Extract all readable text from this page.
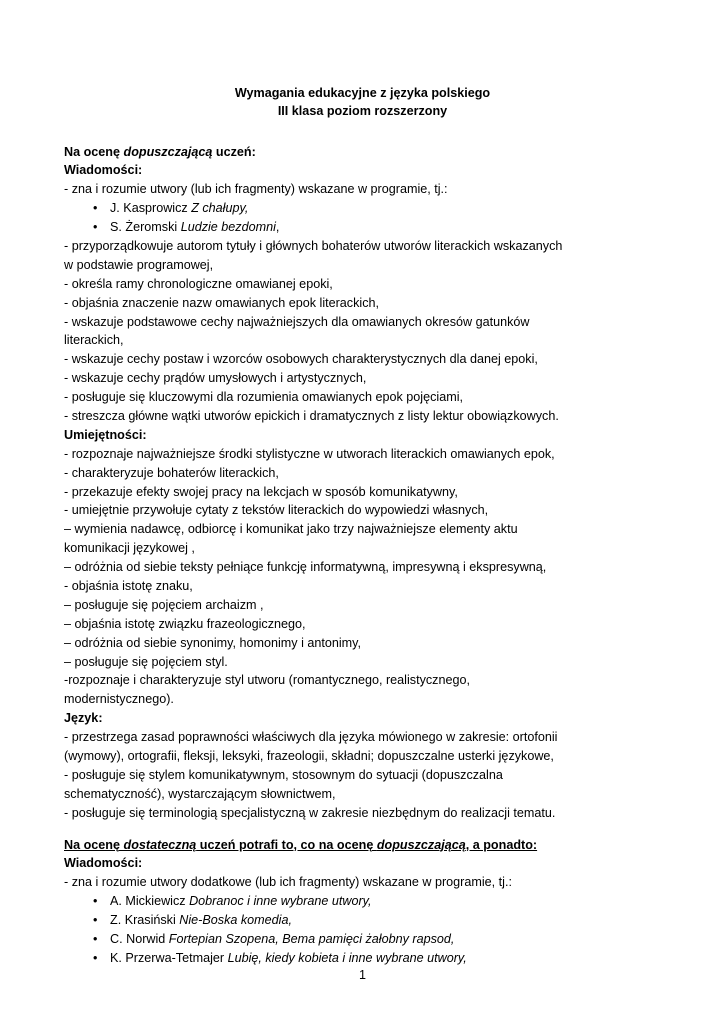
Wymagania edukacyjne z języka polskiego
III klasa poziom rozszerzony

Na ocenę dopuszczającą uczeń:

Wiadomości:

- zna i rozumie utwory (lub ich fragmenty) wskazane w programie, tj.:

• J. Kasprowicz Z chałupy,
• S. Żeromski Ludzie bezdomni,

- przyporządkowuje autorom tytuły i głównych bohaterów utworów literackich wskazanych

w podstawie programowej,

- określa ramy chronologiczne omawianej epoki,

- objaśnia znaczenie nazw omawianych epok literackich,

- wskazuje podstawowe cechy najważniejszych dla omawianych okresów gatunków

literackich,

- wskazuje cechy postaw i wzorców osobowych charakterystycznych dla danej epoki,

- wskazuje cechy prądów umysłowych i artystycznych,

- posługuje się kluczowymi dla rozumienia omawianych epok pojęciami,

- streszcza główne wątki utworów epickich i dramatycznych z listy lektur obowiązkowych.

Umiejętności:

- rozpoznaje najważniejsze środki stylistyczne w utworach literackich omawianych epok,

- charakteryzuje bohaterów literackich,

- przekazuje efekty swojej pracy na lekcjach w sposób komunikatywny,

- umiejętnie przywołuje cytaty z tekstów literackich do wypowiedzi własnych,

– wymienia nadawcę, odbiorcę i komunikat jako trzy najważniejsze elementy aktu

komunikacji językowej ,

– odróżnia od siebie teksty pełniące funkcję informatywną, impresywną i ekspresywną,

- objaśnia istotę znaku,

– posługuje się pojęciem archaizm ,

– objaśnia istotę związku frazeologicznego,

– odróżnia od siebie synonimy, homonimy i antonimy,

– posługuje się pojęciem styl.

-rozpoznaje i charakteryzuje styl utworu (romantycznego, realistycznego,

modernistycznego).

Język:

- przestrzega zasad poprawności właściwych dla języka mówionego w zakresie: ortofonii

(wymowy), ortografii, fleksji, leksyki, frazeologii, składni; dopuszczalne usterki językowe,

- posługuje się stylem komunikatywnym, stosownym do sytuacji (dopuszczalna

schematyczność), wystarczającym słownictwem,

- posługuje się terminologią specjalistyczną w zakresie niezbędnym do realizacji tematu.

Na ocenę dostateczną uczeń potrafi to, co na ocenę dopuszczającą, a ponadto:

Wiadomości:

- zna i rozumie utwory dodatkowe (lub ich fragmenty) wskazane w programie, tj.:

• A. Mickiewicz Dobranoc i inne wybrane utwory,
• Z. Krasiński Nie-Boska komedia,
• C. Norwid Fortepian Szopena, Bema pamięci żałobny rapsod,
• K. Przerwa-Tetmajer Lubię, kiedy kobieta i inne wybrane utwory,
1
